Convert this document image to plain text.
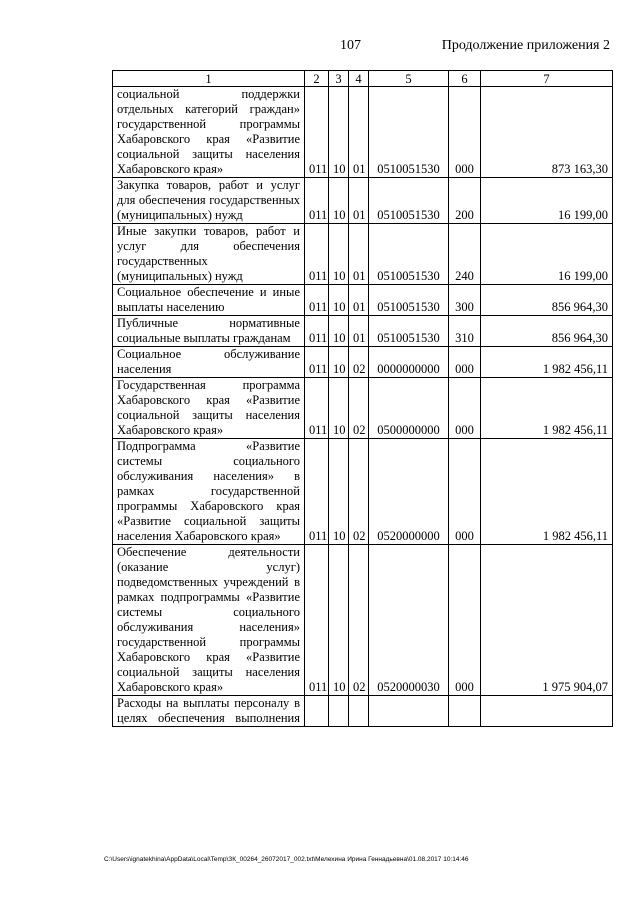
107	Продолжение приложения 2
1	2	3	4	5	6	7
социальной поддержки отдельных категорий граждан» государственной программы Хабаровского края «Развитие социальной защиты населения Хабаровского края»	011	10	01	0510051530	000	873 163,30
Закупка товаров, работ и услуг для обеспечения государственных (муниципальных) нужд	011	10	01	0510051530	200	16 199,00
Иные закупки товаров, работ и услуг для обеспечения государственных (муниципальных) нужд	011	10	01	0510051530	240	16 199,00
Социальное обеспечение и иные выплаты населению	011	10	01	0510051530	300	856 964,30
Публичные нормативные социальные выплаты гражданам	011	10	01	0510051530	310	856 964,30
Социальное обслуживание населения	011	10	02	0000000000	000	1 982 456,11
Государственная программа Хабаровского края «Развитие социальной защиты населения Хабаровского края»	011	10	02	0500000000	000	1 982 456,11
Подпрограмма «Развитие системы социального обслуживания населения» в рамках государственной программы Хабаровского края «Развитие социальной защиты населения Хабаровского края»	011	10	02	0520000000	000	1 982 456,11
Обеспечение деятельности (оказание услуг) подведомственных учреждений в рамках подпрограммы «Развитие системы социального обслуживания населения» государственной программы Хабаровского края «Развитие социальной защиты населения Хабаровского края»	011	10	02	0520000030	000	1 975 904,07
Расходы на выплаты персоналу в целях обеспечения выполнения						
C:\Users\ignatekhina\AppData\Local\Temp\ЗК_00264_26072017_002.txt\Мелехина Ирина Геннадьевна\01.08.2017 10:14:46
